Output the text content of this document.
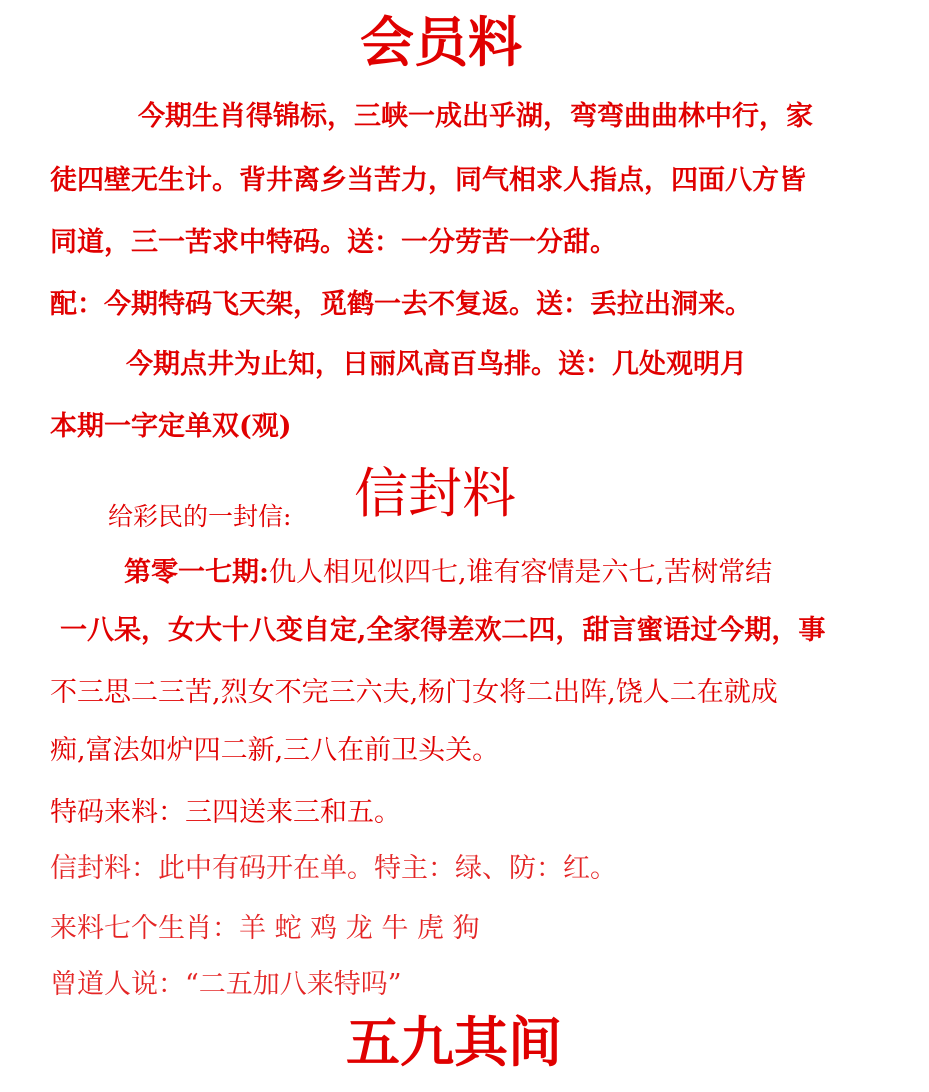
会员料
今期生肖得锦标，三峡一成出乎湖，弯弯曲曲林中行，家
徒四壁无生计。背井离乡当苦力，同气相求人指点，四面八方皆
同道，三一苦求中特码。送：一分劳苦一分甜。
配：今期特码飞天架，觅鹤一去不复返。送：丢拉出洞来。
今期点井为止知，日丽风高百鸟排。送：几处观明月
本期一字定单双(观)
给彩民的一封信: 信封料
第零一七期:仇人相见似四七,谁有容情是六七,苦树常结
一八呆，女大十八变自定,全家得差欢二四，甜言蜜语过今期，事
不三思二三苦,烈女不完三六夫,杨门女将二出阵,饶人二在就成
痴,富法如炉四二新,三八在前卫头关。
特码来料：三四送来三和五。
信封料：此中有码开在单。特主：绿、防：红。
来料七个生肖：羊 蛇 鸡 龙 牛 虎 狗
曾道人说：“二五加八来特吗”
五九其间
